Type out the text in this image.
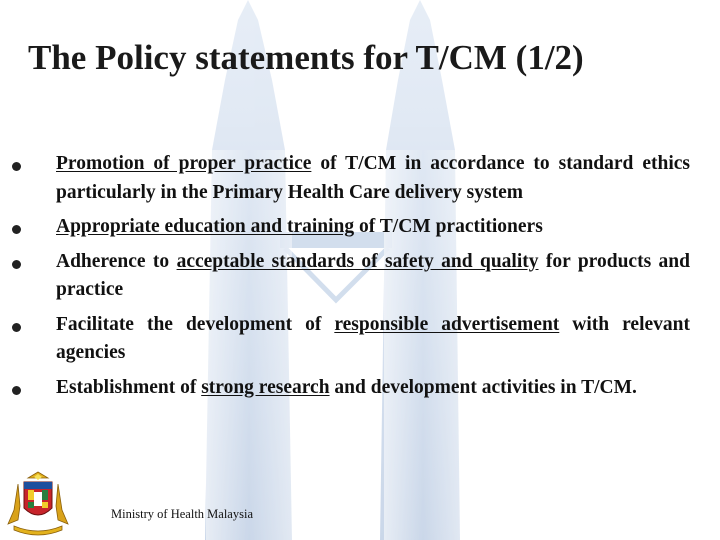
The Policy statements for T/CM (1/2)
Promotion of proper practice of T/CM in accordance to standard ethics particularly in the Primary Health Care delivery system
Appropriate education and training of T/CM practitioners
Adherence to acceptable standards of safety and quality for products and practice
Facilitate the development of responsible advertisement with relevant agencies
Establishment of strong research and development activities in T/CM.
Ministry of Health Malaysia
